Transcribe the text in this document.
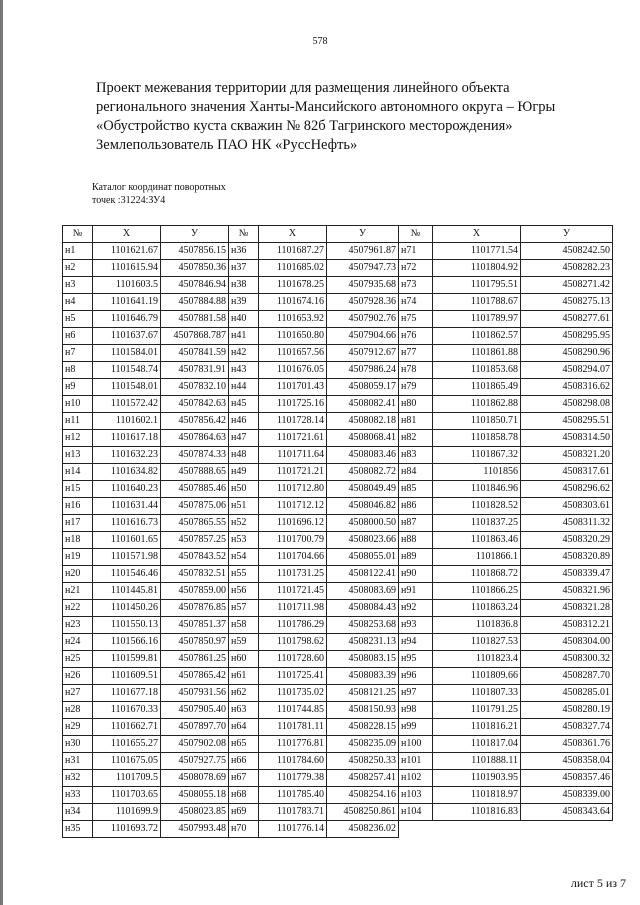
578
Проект межевания территории для размещения линейного объекта
регионального значения Ханты-Мансийского автономного округа – Югры
«Обустройство куста скважин № 82б Тагринского месторождения»
Землепользователь ПАО НК «РуссНефть»
Каталог координат поворотных
точек :31224:ЗУ4
№	X	У	№	X	У	№	X	У
н1	1101621.67	4507856.15	н36	1101687.27	4507961.87	н71	1101771.54	4508242.50
н2	1101615.94	4507850.36	н37	1101685.02	4507947.73	н72	1101804.92	4508282.23
н3	1101603.5	4507846.94	н38	1101678.25	4507935.68	н73	1101795.51	4508271.42
н4	1101641.19	4507884.88	н39	1101674.16	4507928.36	н74	1101788.67	4508275.13
н5	1101646.79	4507881.58	н40	1101653.92	4507902.76	н75	1101789.97	4508277.61
н6	1101637.67	4507868.787	н41	1101650.80	4507904.66	н76	1101862.57	4508295.95
н7	1101584.01	4507841.59	н42	1101657.56	4507912.67	н77	1101861.88	4508290.96
н8	1101548.74	4507831.91	н43	1101676.05	4507986.24	н78	1101853.68	4508294.07
н9	1101548.01	4507832.10	н44	1101701.43	4508059.17	н79	1101865.49	4508316.62
н10	1101572.42	4507842.63	н45	1101725.16	4508082.41	н80	1101862.88	4508298.08
н11	1101602.1	4507856.42	н46	1101728.14	4508082.18	н81	1101850.71	4508295.51
н12	1101617.18	4507864.63	н47	1101721.61	4508068.41	н82	1101858.78	4508314.50
н13	1101632.23	4507874.33	н48	1101711.64	4508083.46	н83	1101867.32	4508321.20
н14	1101634.82	4507888.65	н49	1101721.21	4508082.72	н84	1101856	4508317.61
н15	1101640.23	4507885.46	н50	1101712.80	4508049.49	н85	1101846.96	4508296.62
н16	1101631.44	4507875.06	н51	1101712.12	4508046.82	н86	1101828.52	4508303.61
н17	1101616.73	4507865.55	н52	1101696.12	4508000.50	н87	1101837.25	4508311.32
н18	1101601.65	4507857.25	н53	1101700.79	4508023.66	н88	1101863.46	4508320.29
н19	1101571.98	4507843.52	н54	1101704.66	4508055.01	н89	1101866.1	4508320.89
н20	1101546.46	4507832.51	н55	1101731.25	4508122.41	н90	1101868.72	4508339.47
н21	1101445.81	4507859.00	н56	1101721.45	4508083.69	н91	1101866.25	4508321.96
н22	1101450.26	4507876.85	н57	1101711.98	4508084.43	н92	1101863.24	4508321.28
н23	1101550.13	4507851.37	н58	1101786.29	4508253.68	н93	1101836.8	4508312.21
н24	1101566.16	4507850.97	н59	1101798.62	4508231.13	н94	1101827.53	4508304.00
н25	1101599.81	4507861.25	н60	1101728.60	4508083.15	н95	1101823.4	4508300.32
н26	1101609.51	4507865.42	н61	1101725.41	4508083.39	н96	1101809.66	4508287.70
н27	1101677.18	4507931.56	н62	1101735.02	4508121.25	н97	1101807.33	4508285.01
н28	1101670.33	4507905.40	н63	1101744.85	4508150.93	н98	1101791.25	4508280.19
н29	1101662.71	4507897.70	н64	1101781.11	4508228.15	н99	1101816.21	4508327.74
н30	1101655.27	4507902.08	н65	1101776.81	4508235.09	н100	1101817.04	4508361.76
н31	1101675.05	4507927.75	н66	1101784.60	4508250.33	н101	1101888.11	4508358.04
н32	1101709.5	4508078.69	н67	1101779.38	4508257.41	н102	1101903.95	4508357.46
н33	1101703.65	4508055.18	н68	1101785.40	4508254.16	н103	1101818.97	4508339.00
н34	1101699.9	4508023.85	н69	1101783.71	4508250.861	н104	1101816.83	4508343.64
н35	1101693.72	4507993.48	н70	1101776.14	4508236.02			
лист 5 из 7
